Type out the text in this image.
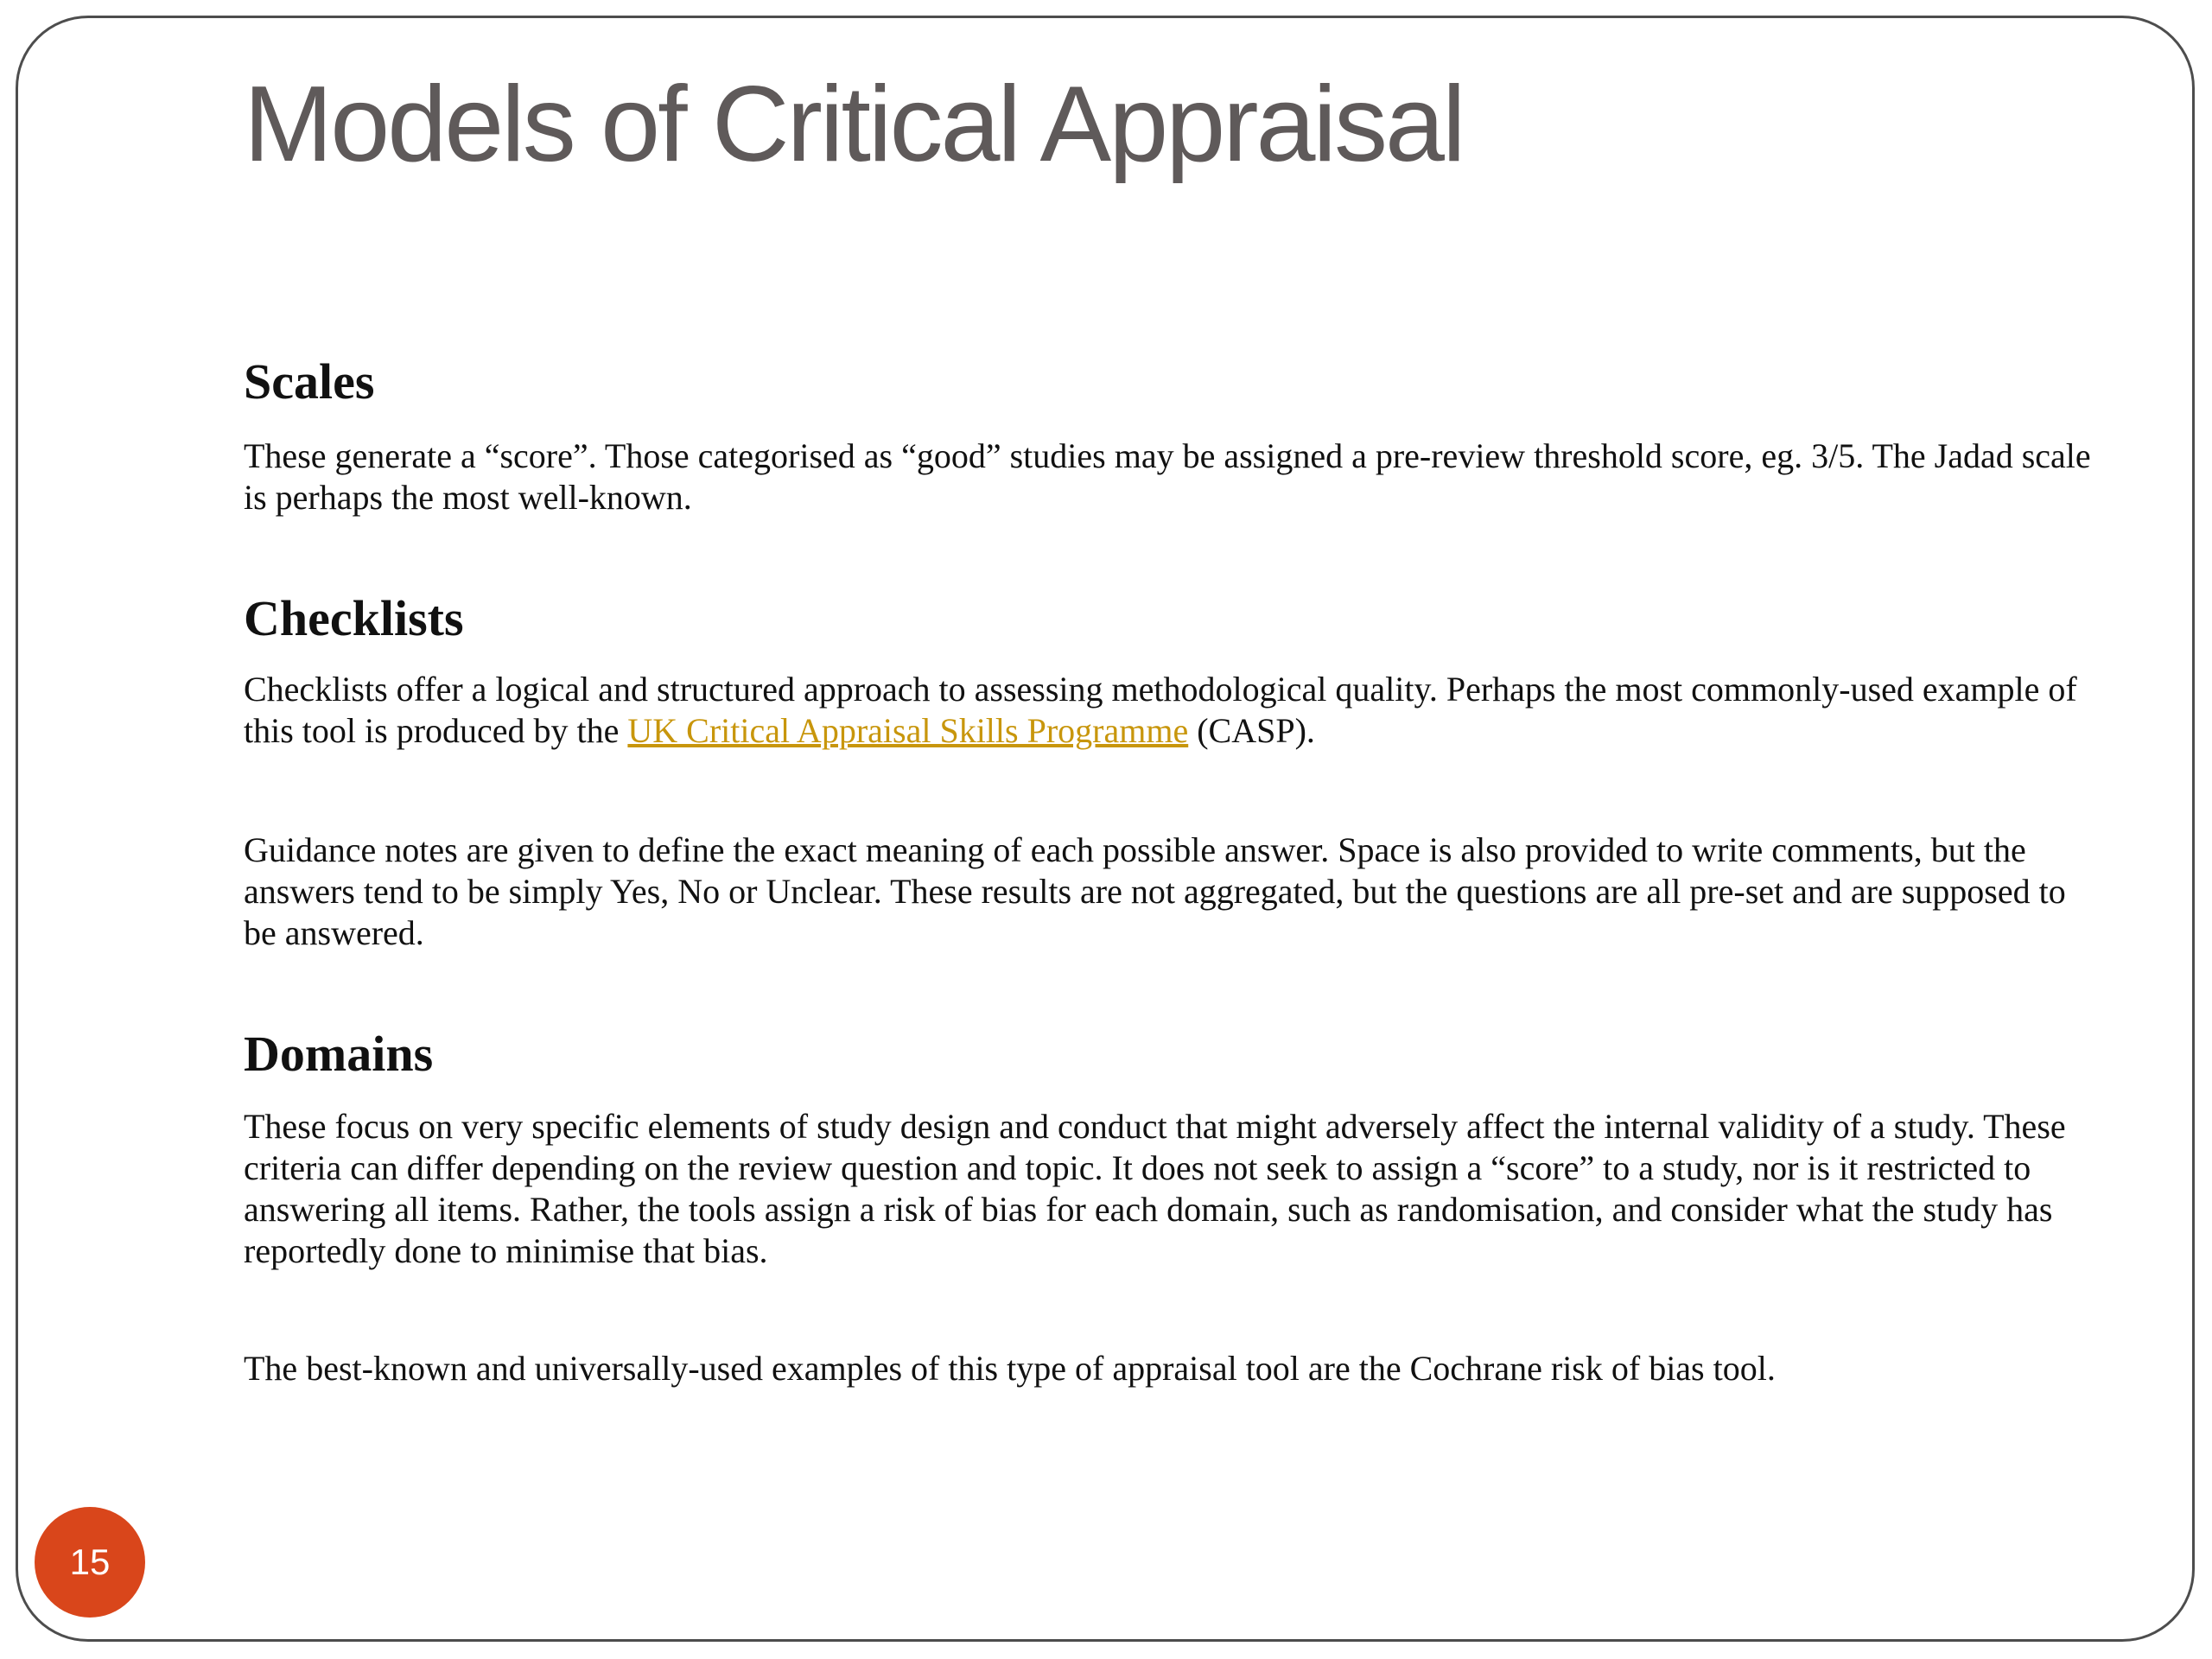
Models of Critical Appraisal
Scales

These generate a “score”. Those categorised as “good” studies may be assigned a pre-review threshold score, eg. 3/5. The Jadad scale is perhaps the most well-known.

Checklists

Checklists offer a logical and structured approach to assessing methodological quality. Perhaps the most commonly-used example of this tool is produced by the UK Critical Appraisal Skills Programme (CASP).

Guidance notes are given to define the exact meaning of each possible answer. Space is also provided to write comments, but the answers tend to be simply Yes, No or Unclear. These results are not aggregated, but the questions are all pre-set and are supposed to be answered.

Domains

These focus on very specific elements of study design and conduct that might adversely affect the internal validity of a study. These criteria can differ depending on the review question and topic. It does not seek to assign a “score” to a study, nor is it restricted to answering all items. Rather, the tools assign a risk of bias for each domain, such as randomisation, and consider what the study has reportedly done to minimise that bias.

The best-known and universally-used examples of this type of appraisal tool are the Cochrane risk of bias tool.

15
